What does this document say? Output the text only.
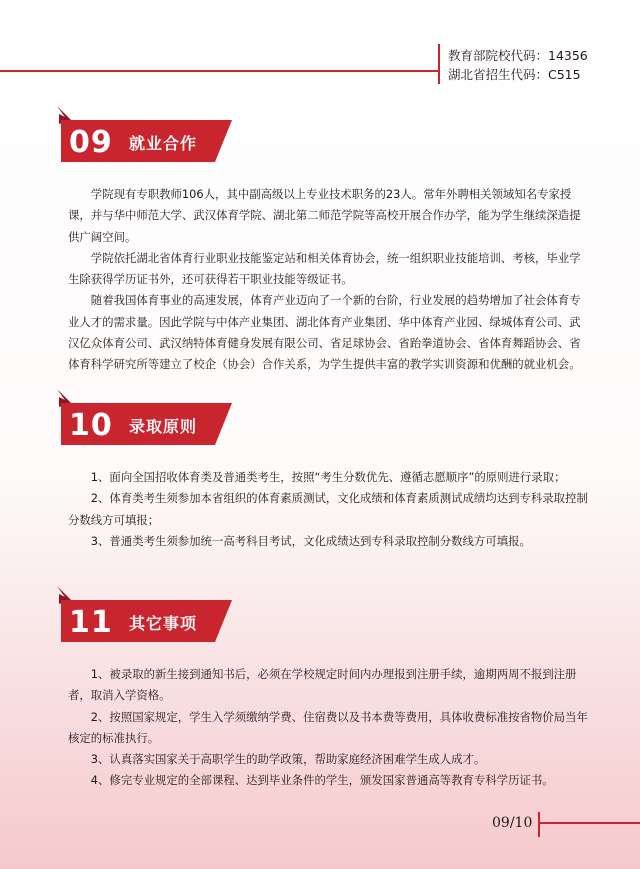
教育部院校代码：14356
湖北省招生代码：C515
09 就业合作

学院现有专职教师106人，其中副高级以上专业技术职务的23人。常年外聘相关领域知名专家授课，并与华中师范大学、武汉体育学院、湖北第二师范学院等高校开展合作办学，能为学生继续深造提供广阔空间。

学院依托湖北省体育行业职业技能鉴定站和相关体育协会，统一组织职业技能培训、考核，毕业学生除获得学历证书外，还可获得若干职业技能等级证书。

随着我国体育事业的高速发展，体育产业迈向了一个新的台阶，行业发展的趋势增加了社会体育专业人才的需求量。因此学院与中体产业集团、湖北体育产业集团、华中体育产业园、绿城体育公司、武汉亿众体育公司、武汉纳特体育健身发展有限公司、省足球协会、省跆拳道协会、省体育舞蹈协会、省体育科学研究所等建立了校企（协会）合作关系，为学生提供丰富的教学实训资源和优酬的就业机会。

10 录取原则

1、面向全国招收体育类及普通类考生，按照“考生分数优先、遵循志愿顺序”的原则进行录取；

2、体育类考生须参加本省组织的体育素质测试，文化成绩和体育素质测试成绩均达到专科录取控制分数线方可填报；

3、普通类考生须参加统一高考科目考试，文化成绩达到专科录取控制分数线方可填报。

11 其它事项

1、被录取的新生接到通知书后，必须在学校规定时间内办理报到注册手续，逾期两周不报到注册者，取消入学资格。

2、按照国家规定，学生入学须缴纳学费、住宿费以及书本费等费用，具体收费标准按省物价局当年核定的标准执行。

3、认真落实国家关于高职学生的助学政策，帮助家庭经济困难学生成人成才。

4、修完专业规定的全部课程、达到毕业条件的学生，颁发国家普通高等教育专科学历证书。

09/10
